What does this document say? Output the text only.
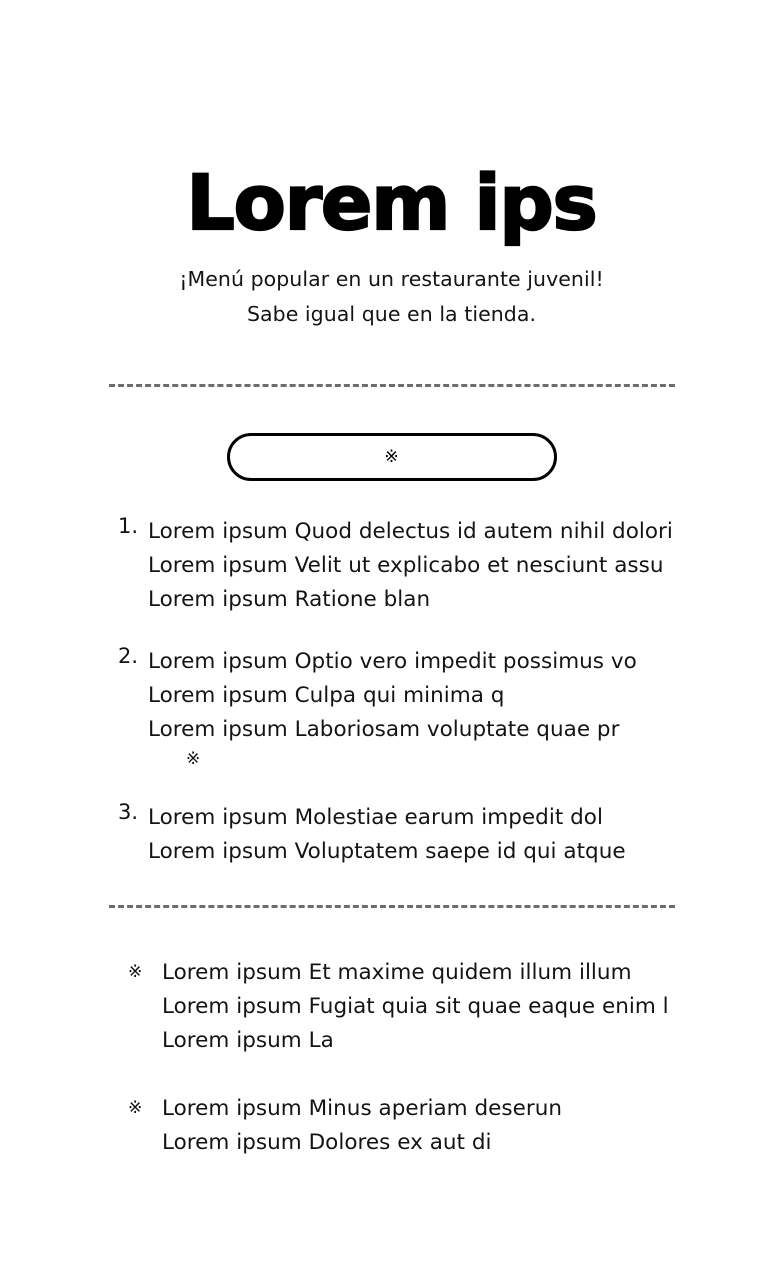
Lorem ips
¡Menú popular en un restaurante juvenil!
Sabe igual que en la tienda.
※
1. Lorem ipsum Quod delectus id autem nihil dolori
Lorem ipsum Velit ut explicabo et nesciunt assu
Lorem ipsum Ratione blan
2. Lorem ipsum Optio vero impedit possimus vo
Lorem ipsum Culpa qui minima q
Lorem ipsum Laboriosam voluptate quae pr
※
3. Lorem ipsum Molestiae earum impedit dol
Lorem ipsum Voluptatem saepe id qui atque
※ Lorem ipsum Et maxime quidem illum illum
Lorem ipsum Fugiat quia sit quae eaque enim l
Lorem ipsum La
※ Lorem ipsum Minus aperiam deserun
Lorem ipsum Dolores ex aut di
